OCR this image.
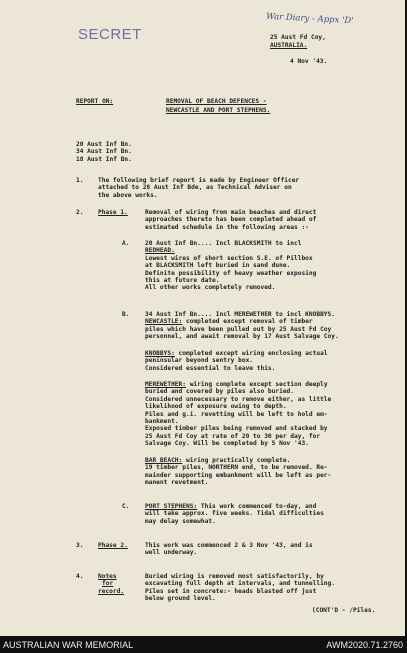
SECRET
War Diary - Appx 'D'
25 Aust Fd Coy,
AUSTRALIA.
4 Nov '43.
REPORT ON:	REMOVAL OF BEACH DEFENCES -
NEWCASTLE AND PORT STEPHENS.
20 Aust Inf Bn.
34 Aust Inf Bn.
18 Aust Inf Bn.
1. The following brief report is made by Engineer Officer
attached to 28 Aust Inf Bde, as Technical Adviser on
the above works.
2. Phase 1.	Removal of wiring from main beaches and direct
approaches thereto has been completed ahead of
estimated schedule in the following areas :-
A.	20 Aust Inf Bn.... Incl BLACKSMITH to incl
REDHEAD.
Lowest wires of short section S.E. of Pillbox
at BLACKSMITH left buried in sand dune.
Definite possibility of heavy weather exposing
this at future date.
All other works completely removed.
B.	34 Aust Inf Bn.... Incl MEREWETHER to incl KNOBBYS.
NEWCASTLE: completed except removal of timber
piles which have been pulled out by 25 Aust Fd Coy
personnel, and await removal by 17 Aust Salvage Coy.
KNOBBYS: completed except wiring enclosing actual
peninsular beyond sentry box.
Considered essential to leave this.
MEREWETHER: wiring complete except section deeply
buried and covered by piles also buried.
Considered unnecessary to remove either, as little
likelihood of exposure owing to depth.
Piles and g.i. revetting will be left to hold em-
bankment.
Exposed timber piles being removed and stacked by
25 Aust Fd Coy at rate of 20 to 30 per day, for
Salvage Coy. Will be completed by 5 Nov '43.
BAR BEACH: wiring practically complete.
19 timber piles, NORTHERN end, to be removed. Re-
mainder supporting embankment will be left as per-
manent revetment.
C.	PORT STEPHENS: This work commenced to-day, and
will take approx. five weeks. Tidal difficulties
may delay somewhat.
3. Phase 2.	This work was commenced 2 & 3 Nov '43, and is
well underway.
4. Notes
for
record.
Buried wiring is removed most satisfactorily, by
excavating full depth at intervals, and tunnelling.
Piles set in concrete:- heads blasted off just
below ground level.
(CONT'D - /Piles.
AUSTRALIAN WAR MEMORIAL	AWM2020.71.2760
